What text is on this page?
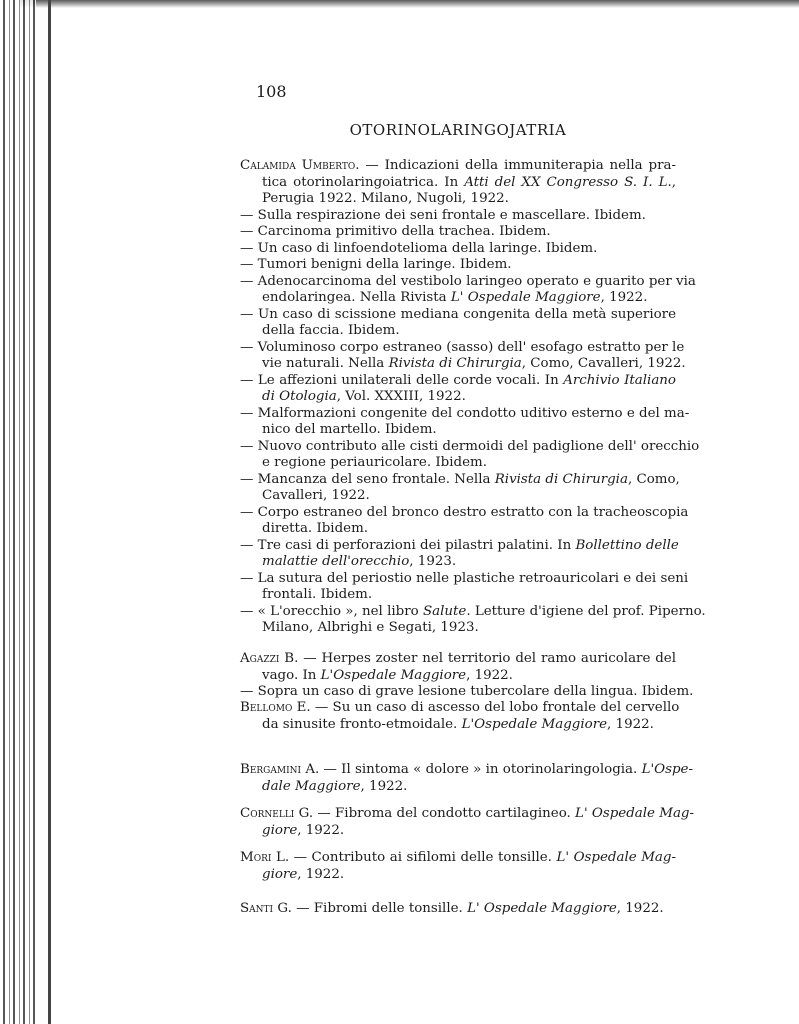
108
OTORINOLARINGOJATRIA
Calamida Umberto. — Indicazioni della immuniterapia nella pra-
tica otorinolaringoiatrica. In Atti del XX Congresso S. I. L.,
Perugia 1922. Milano, Nugoli, 1922.
— Sulla respirazione dei seni frontale e mascellare. Ibidem.
— Carcinoma primitivo della trachea. Ibidem.
— Un caso di linfoendotelioma della laringe. Ibidem.
— Tumori benigni della laringe. Ibidem.
— Adenocarcinoma del vestibolo laringeo operato e guarito per via
endolaringea. Nella Rivista L' Ospedale Maggiore, 1922.
— Un caso di scissione mediana congenita della metà superiore
della faccia. Ibidem.
— Voluminoso corpo estraneo (sasso) dell' esofago estratto per le
vie naturali. Nella Rivista di Chirurgia, Como, Cavalleri, 1922.
— Le affezioni unilaterali delle corde vocali. In Archivio Italiano
di Otologia, Vol. XXXIII, 1922.
— Malformazioni congenite del condotto uditivo esterno e del ma-
nico del martello. Ibidem.
— Nuovo contributo alle cisti dermoidi del padiglione dell' orecchio
e regione periauricolare. Ibidem.
— Mancanza del seno frontale. Nella Rivista di Chirurgia, Como,
Cavalleri, 1922.
— Corpo estraneo del bronco destro estratto con la tracheoscopia
diretta. Ibidem.
— Tre casi di perforazioni dei pilastri palatini. In Bollettino delle
malattie dell'orecchio, 1923.
— La sutura del periostio nelle plastiche retroauricolari e dei seni
frontali. Ibidem.
— « L'orecchio », nel libro Salute. Letture d'igiene del prof. Piperno.
Milano, Albrighi e Segati, 1923.
Agazzi B. — Herpes zoster nel territorio del ramo auricolare del
vago. In L'Ospedale Maggiore, 1922.
— Sopra un caso di grave lesione tubercolare della lingua. Ibidem.
Bellomo E. — Su un caso di ascesso del lobo frontale del cervello
da sinusite fronto-etmoidale. L'Ospedale Maggiore, 1922.
Bergamini A. — Il sintoma « dolore » in otorinolaringologia. L'Ospe-
dale Maggiore, 1922.
Cornelli G. — Fibroma del condotto cartilagineo. L' Ospedale Mag-
giore, 1922.
Mori L. — Contributo ai sifilomi delle tonsille. L' Ospedale Mag-
giore, 1922.
Santi G. — Fibromi delle tonsille. L' Ospedale Maggiore, 1922.
